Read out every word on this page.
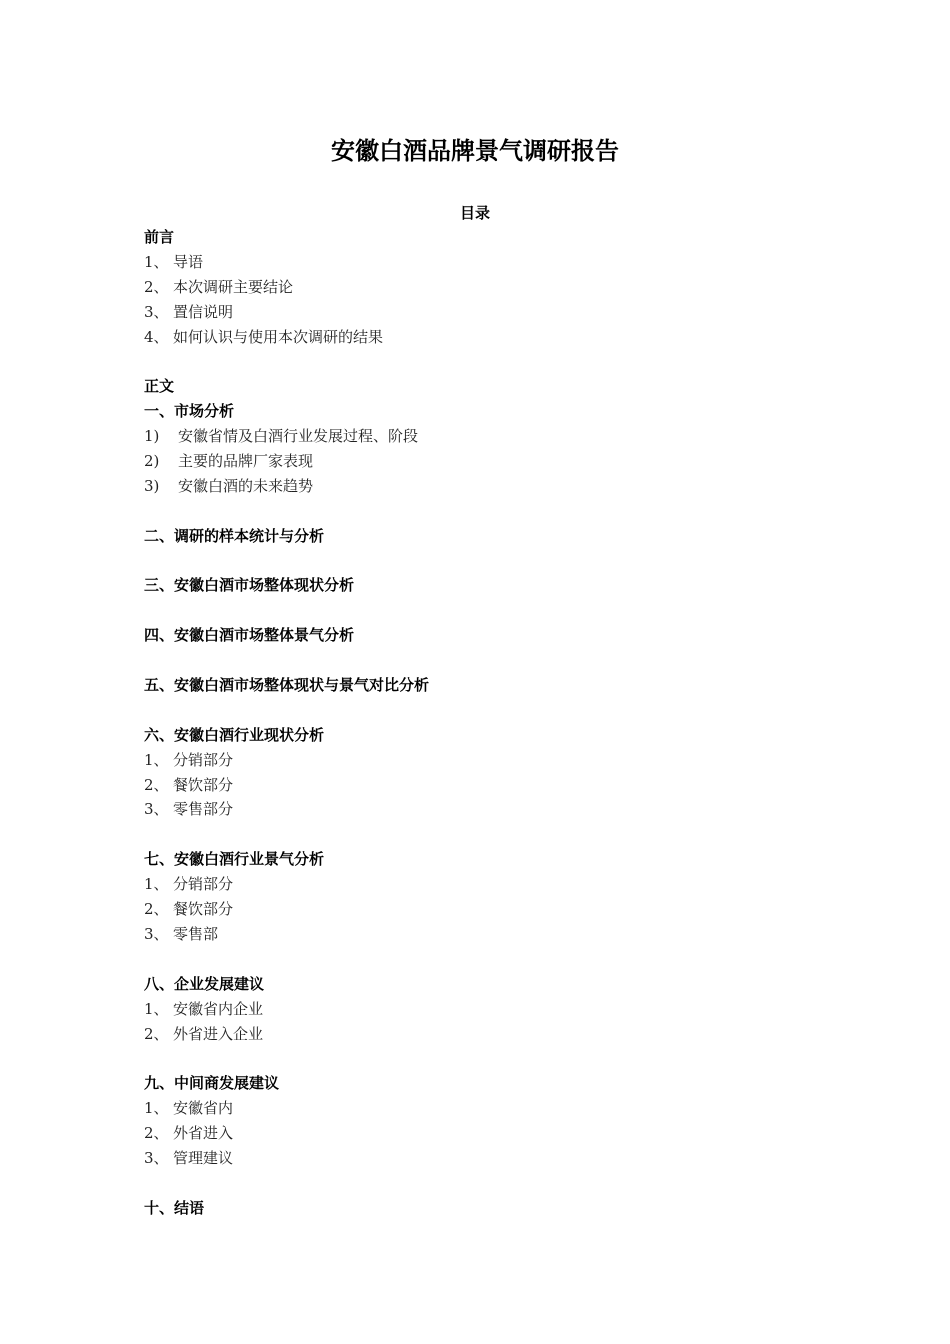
安徽白酒品牌景气调研报告
目录
前言
1、 导语
2、 本次调研主要结论
3、 置信说明
4、 如何认识与使用本次调研的结果
正文
一、市场分析
1) 安徽省情及白酒行业发展过程、阶段
2) 主要的品牌厂家表现
3) 安徽白酒的未来趋势
二、调研的样本统计与分析
三、安徽白酒市场整体现状分析
四、安徽白酒市场整体景气分析
五、安徽白酒市场整体现状与景气对比分析
六、安徽白酒行业现状分析
1、 分销部分
2、 餐饮部分
3、 零售部分
七、安徽白酒行业景气分析
1、 分销部分
2、 餐饮部分
3、 零售部
八、企业发展建议
1、 安徽省内企业
2、 外省进入企业
九、中间商发展建议
1、 安徽省内
2、 外省进入
3、 管理建议
十、结语
